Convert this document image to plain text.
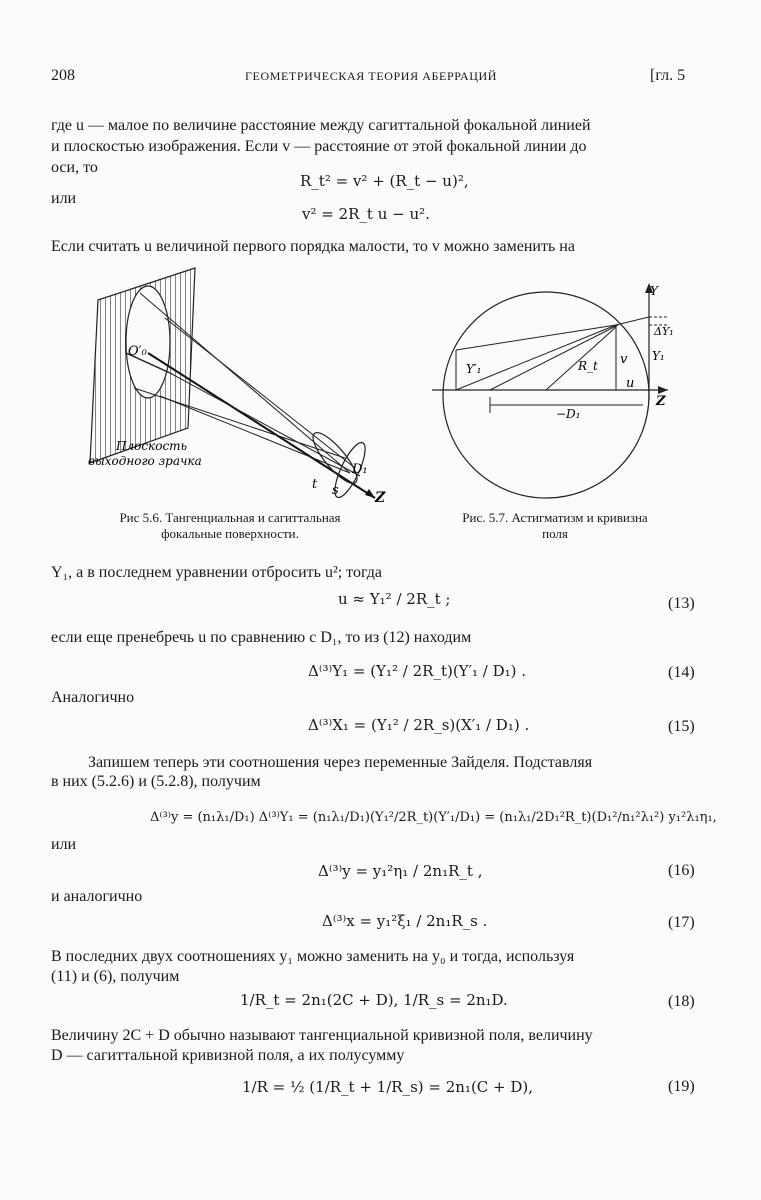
208	ГЕОМЕТРИЧЕСКАЯ ТЕОРИЯ АБЕРРАЦИЙ	[гл. 5
где u — малое по величине расстояние между сагиттальной фокальной линией
и плоскостью изображения. Если v — расстояние от этой фокальной линии до
оси, то
R_t² = v² + (R_t − u)²,
или
v² = 2R_t u − u².
Если считать u величиной первого порядка малости, то v можно заменить на
O′₀
Плоскость
выходного зрачка
t s
D₁
Z
Рис 5.6. Тангенциальная и сагиттальная
фокальные поверхности.
Y
ΔY₁
Y₁
Y′₁	R_t v
u
−D₁
Z
Рис. 5.7. Астигматизм и кривизна
поля
Y₁, а в последнем уравнении отбросить u²; тогда
u ≈ Y₁² / 2R_t ;	(13)
если еще пренебречь u по сравнению с D₁, то из (12) находим
Δ⁽³⁾Y₁ = (Y₁² / 2R_t)(Y′₁ / D₁) .	(14)
Аналогично
Δ⁽³⁾X₁ = (Y₁² / 2R_s)(X′₁ / D₁) .	(15)
Запишем теперь эти соотношения через переменные Зайделя. Подставляя
в них (5.2.6) и (5.2.8), получим
Δ⁽³⁾y = (n₁λ₁/D₁) Δ⁽³⁾Y₁ = (n₁λ₁/D₁)(Y₁²/2R_t)(Y′₁/D₁) = (n₁λ₁/2D₁²R_t)(D₁²/n₁²λ₁²) y₁²λ₁η₁,
или
Δ⁽³⁾y = y₁²η₁ / 2n₁R_t ,	(16)
и аналогично
Δ⁽³⁾x = y₁²ξ₁ / 2n₁R_s .	(17)
В последних двух соотношениях y₁ можно заменить на y₀ и тогда, используя
(11) и (6), получим
1/R_t = 2n₁(2C + D), 1/R_s = 2n₁D.	(18)
Величину 2C + D обычно называют тангенциальной кривизной поля, величину
D — сагиттальной кривизной поля, а их полусумму
1/R = ½ (1/R_t + 1/R_s) = 2n₁(C + D),	(19)
